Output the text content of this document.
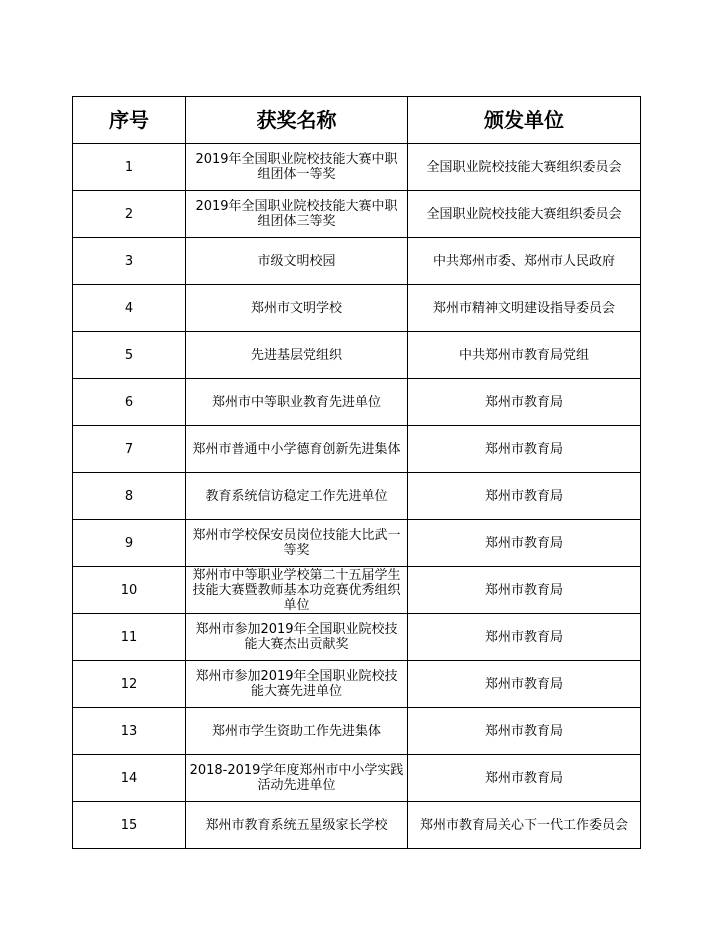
序号	获奖名称	颁发单位

1	2019年全国职业院校技能大赛中职组团体一等奖	全国职业院校技能大赛组织委员会

2	2019年全国职业院校技能大赛中职组团体三等奖	全国职业院校技能大赛组织委员会

3	市级文明校园	中共郑州市委、郑州市人民政府

4	郑州市文明学校	郑州市精神文明建设指导委员会

5	先进基层党组织	中共郑州市教育局党组

6	郑州市中等职业教育先进单位	郑州市教育局

7	郑州市普通中小学德育创新先进集体	郑州市教育局

8	教育系统信访稳定工作先进单位	郑州市教育局

9	郑州市学校保安员岗位技能大比武一等奖	郑州市教育局

10	郑州市中等职业学校第二十五届学生技能大赛暨教师基本功竞赛优秀组织单位	郑州市教育局

11	郑州市参加2019年全国职业院校技能大赛杰出贡献奖	郑州市教育局

12	郑州市参加2019年全国职业院校技能大赛先进单位	郑州市教育局

13	郑州市学生资助工作先进集体	郑州市教育局

14	2018-2019学年度郑州市中小学实践活动先进单位	郑州市教育局

15	郑州市教育系统五星级家长学校	郑州市教育局关心下一代工作委员会
